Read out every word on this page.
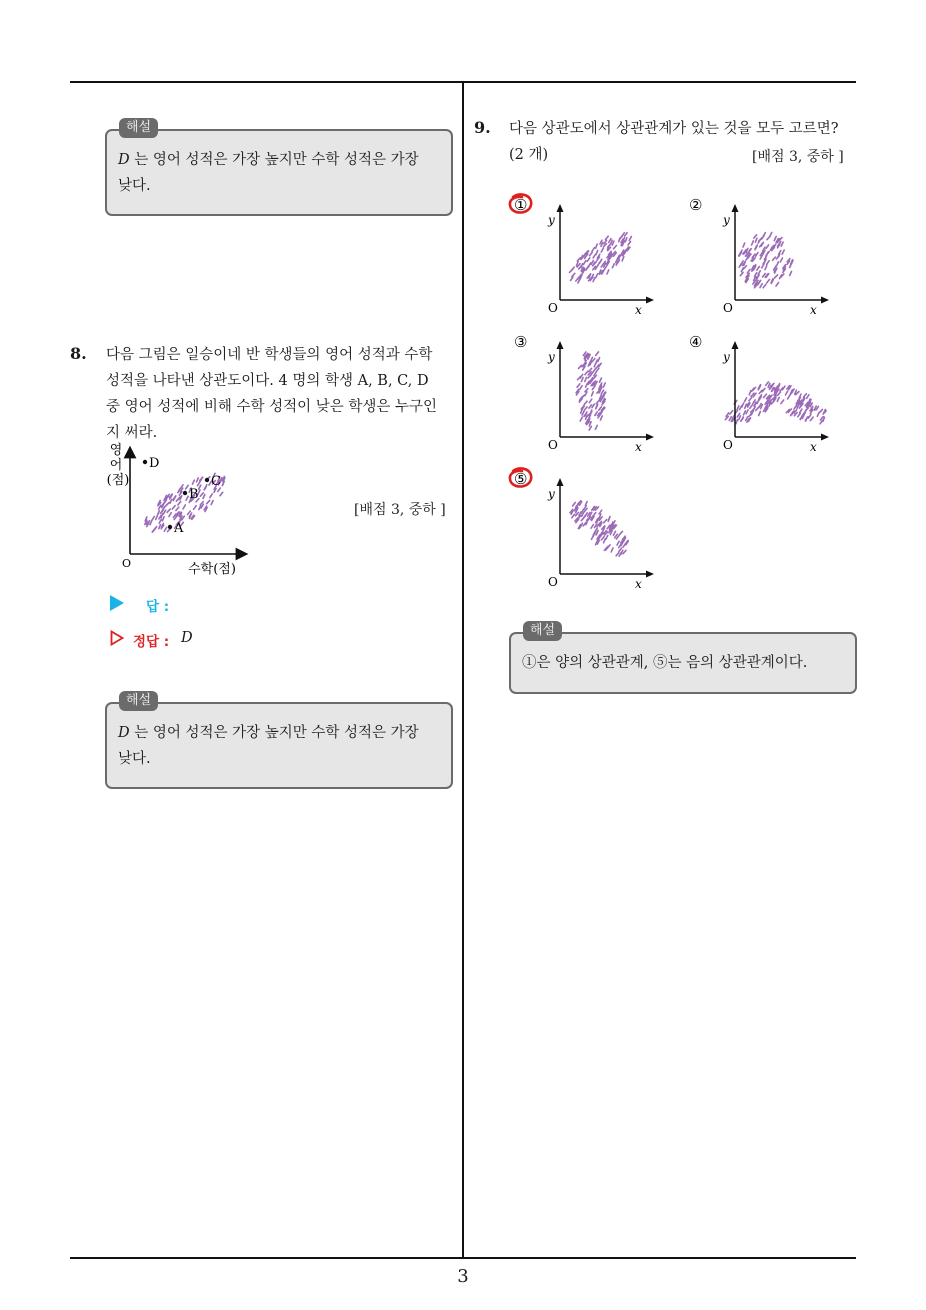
3
D 는 영어 성적은 가장 높지만 수학 성적은 가장
낮다.
해설
8. 다음 그림은 일승이네 반 학생들의 영어 성적과 수학
성적을 나타낸 상관도이다. 4 명의 학생 A, B, C, D
중 영어 성적에 비해 수학 성적이 낮은 학생은 누구인
지 써라.
영
어
(점)
O	수학(점)
D
C
B
A
[배점 3, 중하 ]
답 :
정답 : D
D 는 영어 성적은 가장 높지만 수학 성적은 가장
낮다.
해설
9. 다음 상관도에서 상관관계가 있는 것을 모두 고르면?
(2 개)	[배점 3, 중하 ]
①
y
x
O
②
y
x
O
③
y
x
O
④
y
x
O
⑤
y
x
O
①은 양의 상관관계, ⑤는 음의 상관관계이다.
해설
